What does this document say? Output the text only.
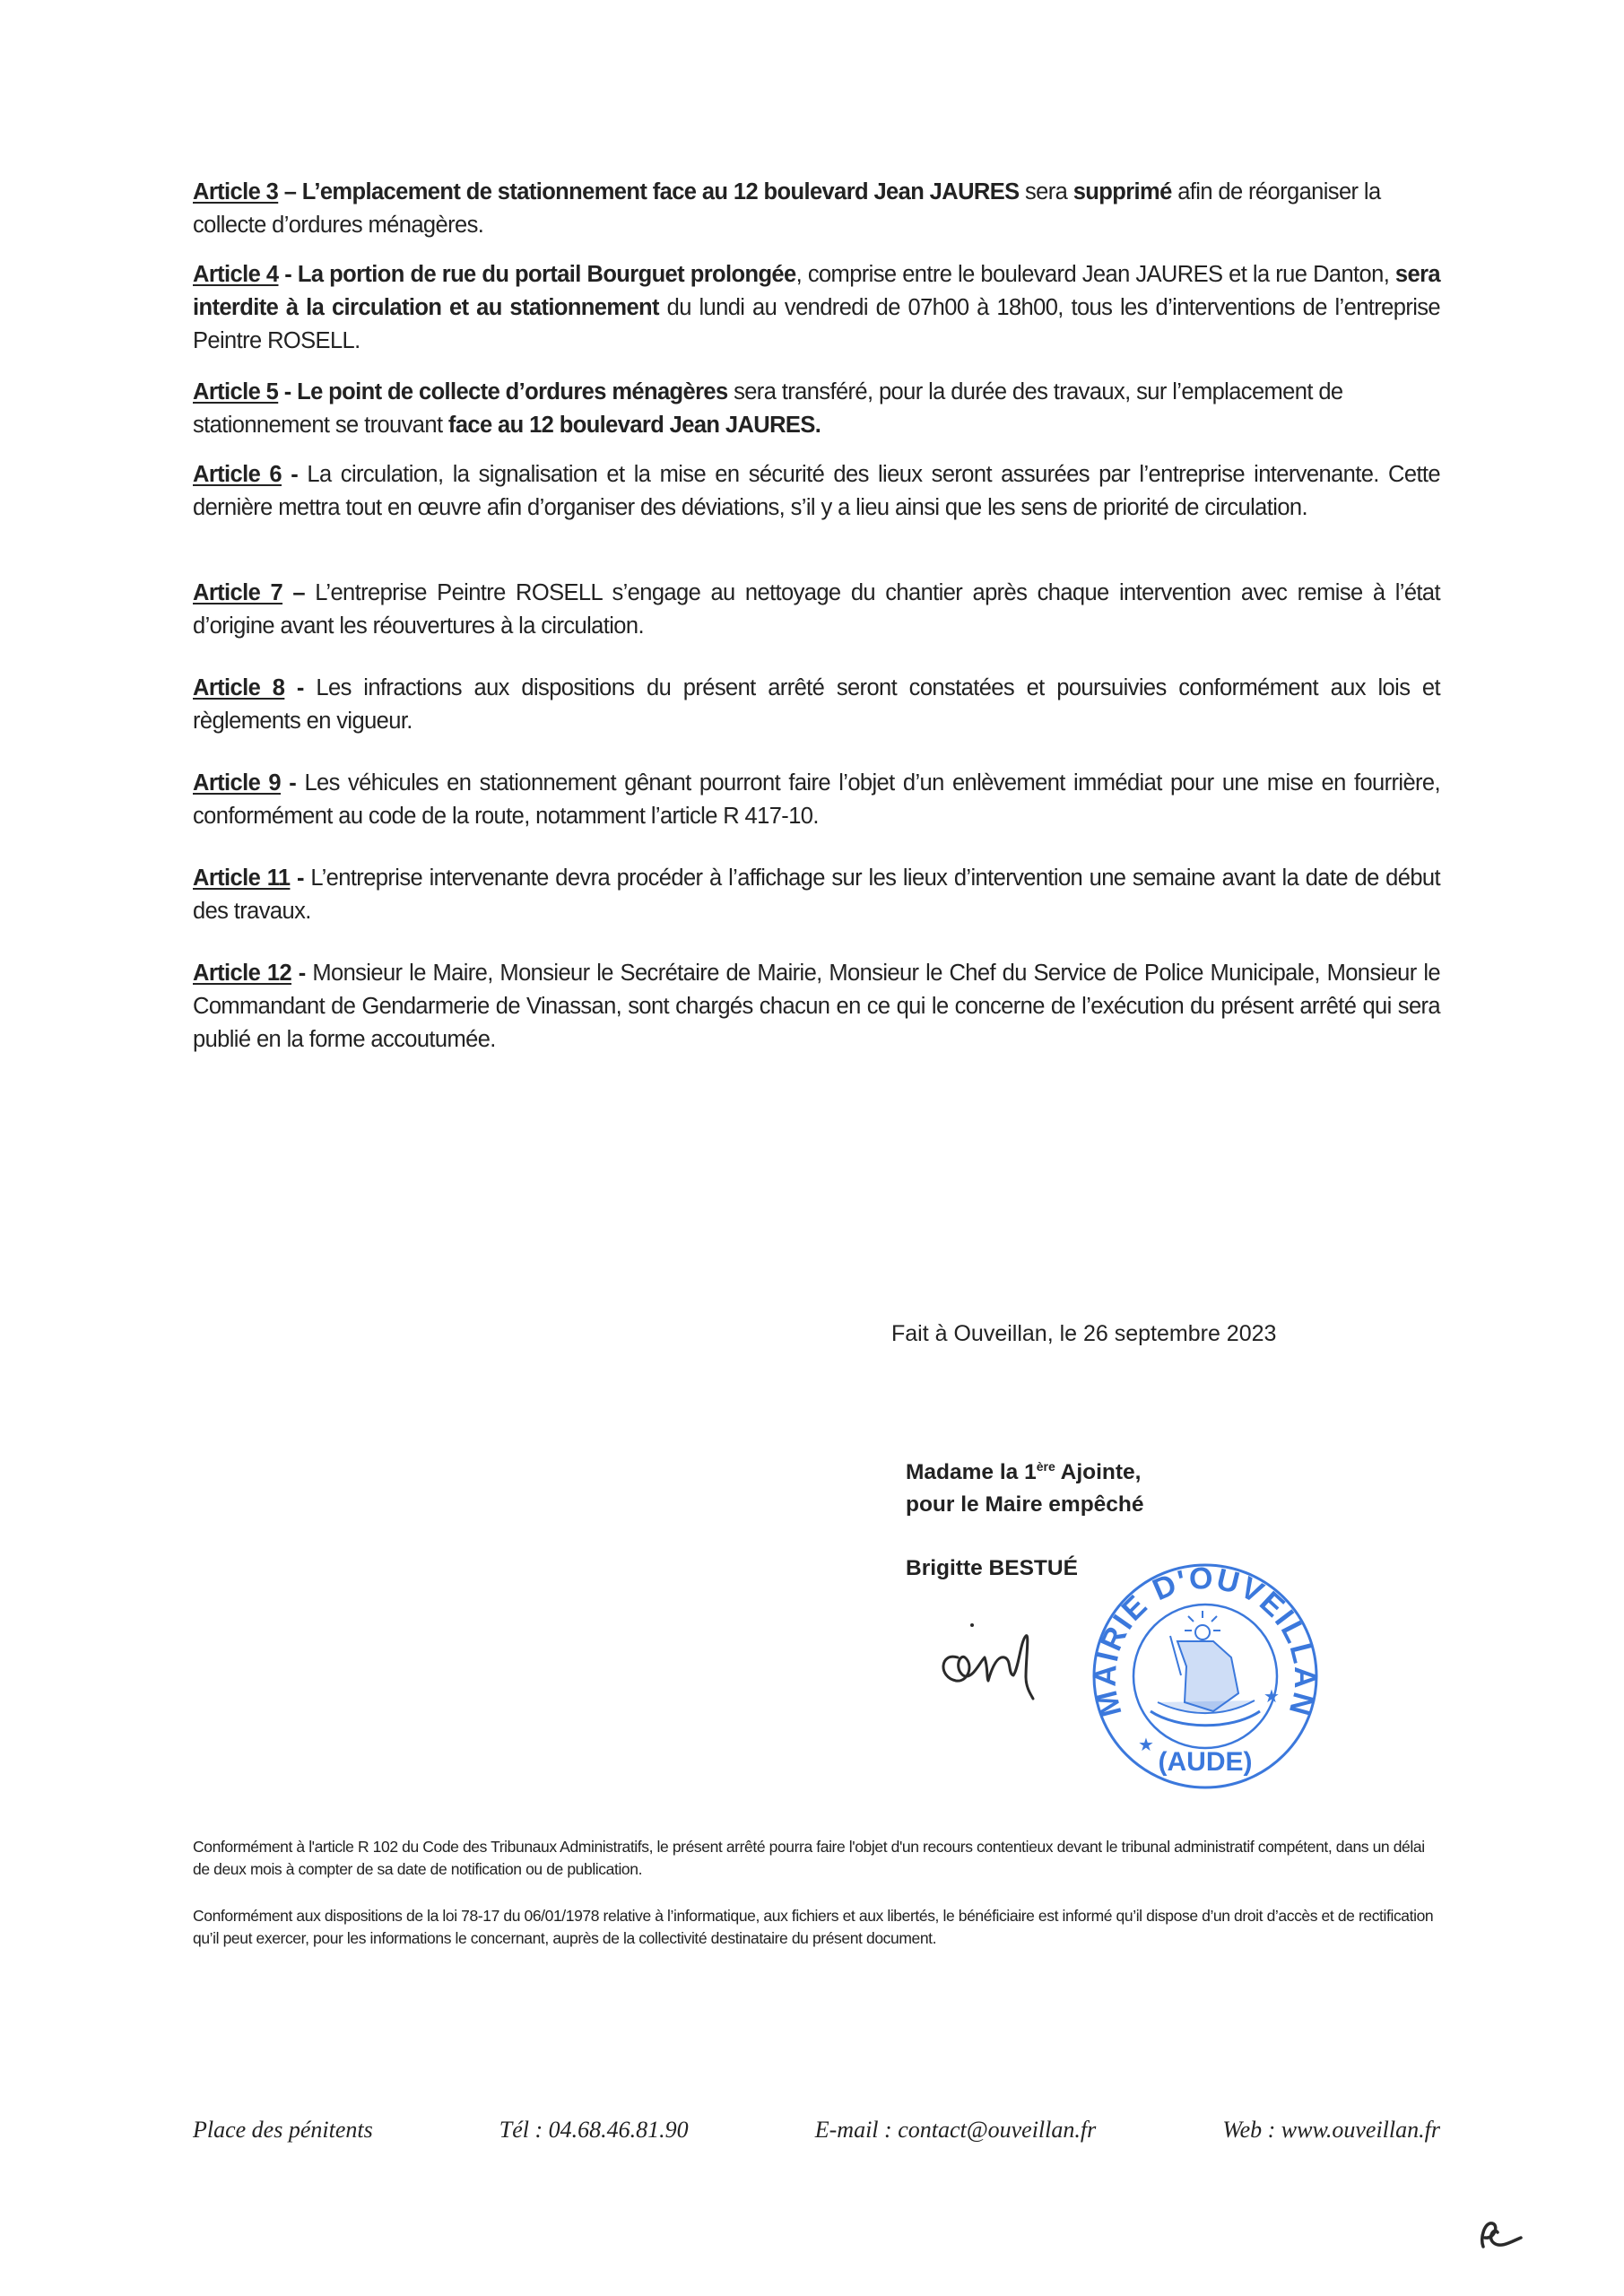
Article 3 – L’emplacement de stationnement face au 12 boulevard Jean JAURES sera supprimé afin de réorganiser la collecte d’ordures ménagères.

Article 4 - La portion de rue du portail Bourguet prolongée, comprise entre le boulevard Jean JAURES et la rue Danton, sera interdite à la circulation et au stationnement du lundi au vendredi de 07h00 à 18h00, tous les d’interventions de l’entreprise Peintre ROSELL.

Article 5 - Le point de collecte d’ordures ménagères sera transféré, pour la durée des travaux, sur l’emplacement de stationnement se trouvant face au 12 boulevard Jean JAURES.

Article 6 - La circulation, la signalisation et la mise en sécurité des lieux seront assurées par l’entreprise intervenante. Cette dernière mettra tout en œuvre afin d’organiser des déviations, s’il y a lieu ainsi que les sens de priorité de circulation.

Article 7 – L’entreprise Peintre ROSELL s’engage au nettoyage du chantier après chaque intervention avec remise à l’état d’origine avant les réouvertures à la circulation.

Article 8 - Les infractions aux dispositions du présent arrêté seront constatées et poursuivies conformément aux lois et règlements en vigueur.

Article 9 - Les véhicules en stationnement gênant pourront faire l’objet d’un enlèvement immédiat pour une mise en fourrière, conformément au code de la route, notamment l’article R 417-10.

Article 11 - L’entreprise intervenante devra procéder à l’affichage sur les lieux d’intervention une semaine avant la date de début des travaux.

Article 12 - Monsieur le Maire, Monsieur le Secrétaire de Mairie, Monsieur le Chef du Service de Police Municipale, Monsieur le Commandant de Gendarmerie de Vinassan, sont chargés chacun en ce qui le concerne de l’exécution du présent arrêté qui sera publié en la forme accoutumée.

Fait à Ouveillan, le 26 septembre 2023
Madame la 1ère Ajointe,
pour le Maire empêché
Brigitte BESTUÉ
MAIRIE D'OUVEILLAN
(AUDE)
★
★

Conformément à l'article R 102 du Code des Tribunaux Administratifs, le présent arrêté pourra faire l'objet d'un recours contentieux devant le tribunal administratif compétent, dans un délai de deux mois à compter de sa date de notification ou de publication.

Conformément aux dispositions de la loi 78-17 du 06/01/1978 relative à l’informatique, aux fichiers et aux libertés, le bénéficiaire est informé qu’il dispose d’un droit d’accès et de rectification qu’il peut exercer, pour les informations le concernant, auprès de la collectivité destinataire du présent document.

Place des pénitents	Tél : 04.68.46.81.90	E-mail : contact@ouveillan.fr	Web : www.ouveillan.fr
